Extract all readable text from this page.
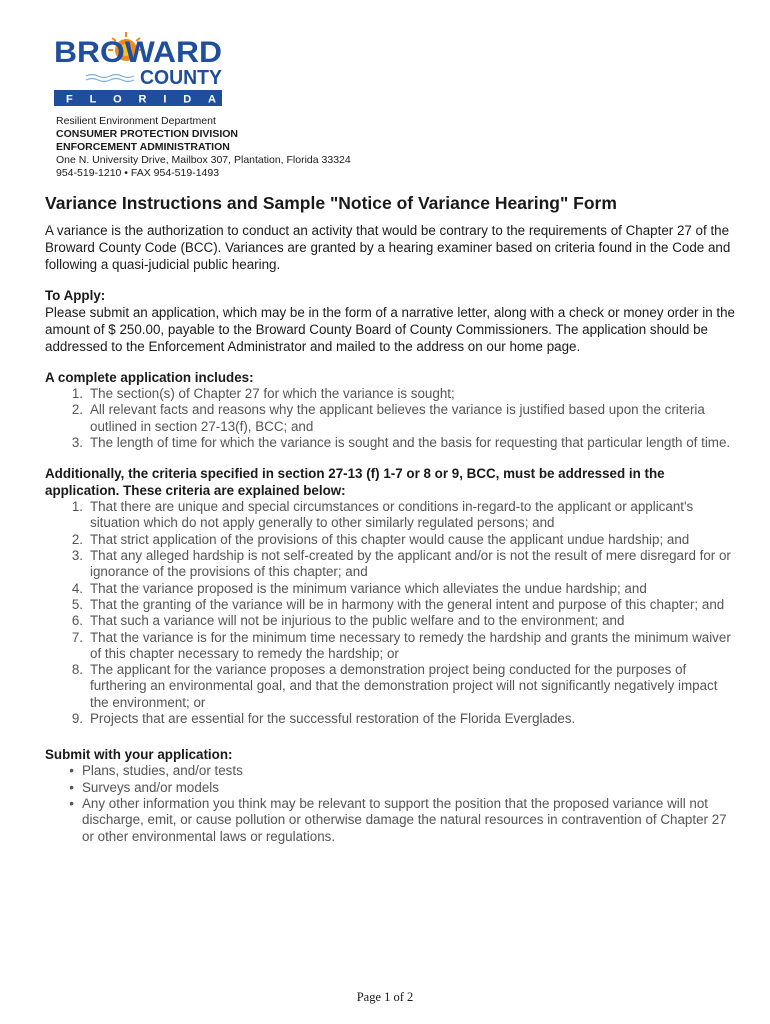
BROWARD
COUNTY
FLORIDA
Resilient Environment Department
CONSUMER PROTECTION DIVISION
ENFORCEMENT ADMINISTRATION
One N. University Drive, Mailbox 307, Plantation, Florida 33324
954-519-1210 • FAX 954-519-1493
Variance Instructions and Sample "Notice of Variance Hearing" Form

A variance is the authorization to conduct an activity that would be contrary to the requirements of Chapter 27 of the Broward County Code (BCC). Variances are granted by a hearing examiner based on criteria found in the Code and following a quasi-judicial public hearing.

To Apply:

Please submit an application, which may be in the form of a narrative letter, along with a check or money order in the amount of $ 250.00, payable to the Broward County Board of County Commissioners. The application should be addressed to the Enforcement Administrator and mailed to the address on our home page.

A complete application includes:
1. The section(s) of Chapter 27 for which the variance is sought;
2. All relevant facts and reasons why the applicant believes the variance is justified based upon the criteria outlined in section 27-13(f), BCC; and
3. The length of time for which the variance is sought and the basis for requesting that particular length of time.
Additionally, the criteria specified in section 27-13 (f) 1-7 or 8 or 9, BCC, must be addressed in the application. These criteria are explained below:
1. That there are unique and special circumstances or conditions in-regard-to the applicant or applicant's situation which do not apply generally to other similarly regulated persons; and
2. That strict application of the provisions of this chapter would cause the applicant undue hardship; and
3. That any alleged hardship is not self-created by the applicant and/or is not the result of mere disregard for or ignorance of the provisions of this chapter; and
4. That the variance proposed is the minimum variance which alleviates the undue hardship; and
5. That the granting of the variance will be in harmony with the general intent and purpose of this chapter; and
6. That such a variance will not be injurious to the public welfare and to the environment; and
7. That the variance is for the minimum time necessary to remedy the hardship and grants the minimum waiver of this chapter necessary to remedy the hardship; or
8. The applicant for the variance proposes a demonstration project being conducted for the purposes of furthering an environmental goal, and that the demonstration project will not significantly negatively impact the environment; or
9. Projects that are essential for the successful restoration of the Florida Everglades.
Submit with your application:
• Plans, studies, and/or tests
• Surveys and/or models
• Any other information you think may be relevant to support the position that the proposed variance will not discharge, emit, or cause pollution or otherwise damage the natural resources in contravention of Chapter 27 or other environmental laws or regulations.
Page 1 of 2
